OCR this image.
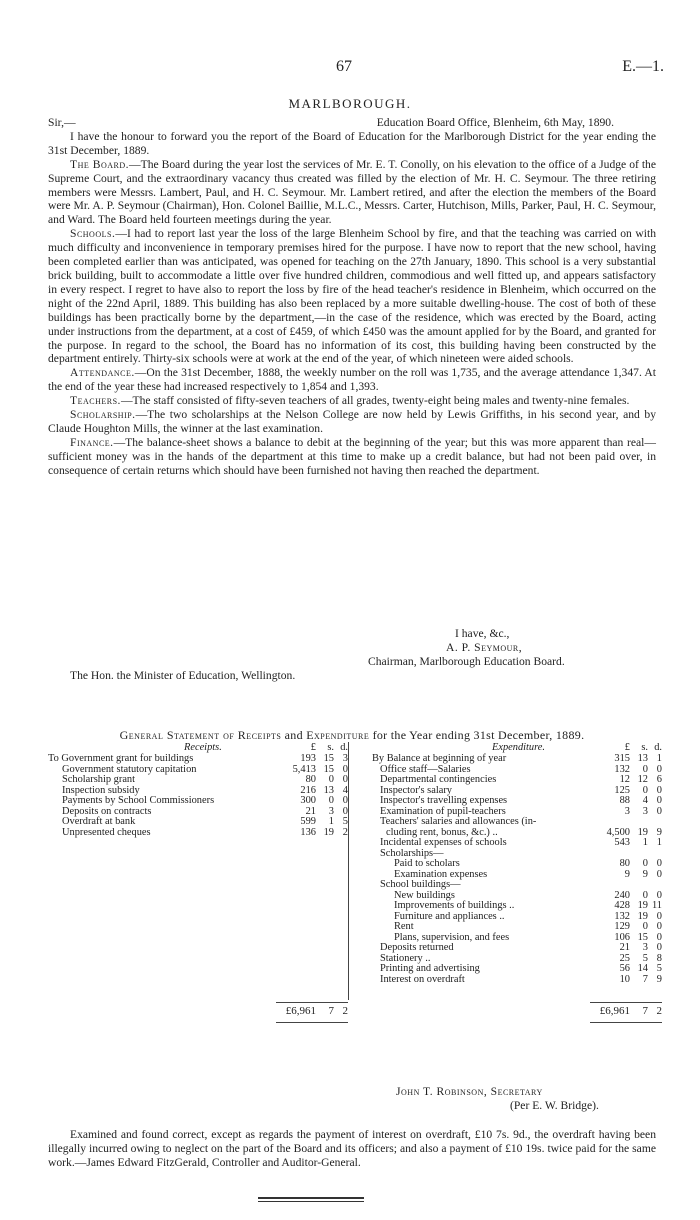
67	E.—1.
MARLBOROUGH.

Sir,—	Education Board Office, Blenheim, 6th May, 1890.

I have the honour to forward you the report of the Board of Education for the Marlborough District for the year ending the 31st December, 1889.

The Board.—The Board during the year lost the services of Mr. E. T. Conolly, on his elevation to the office of a Judge of the Supreme Court, and the extraordinary vacancy thus created was filled by the election of Mr. H. C. Seymour. The three retiring members were Messrs. Lambert, Paul, and H. C. Seymour. Mr. Lambert retired, and after the election the members of the Board were Mr. A. P. Seymour (Chairman), Hon. Colonel Baillie, M.L.C., Messrs. Carter, Hutchison, Mills, Parker, Paul, H. C. Seymour, and Ward. The Board held fourteen meetings during the year.

Schools.—I had to report last year the loss of the large Blenheim School by fire, and that the teaching was carried on with much difficulty and inconvenience in temporary premises hired for the purpose. I have now to report that the new school, having been completed earlier than was anticipated, was opened for teaching on the 27th January, 1890. This school is a very substantial brick building, built to accommodate a little over five hundred children, commodious and well fitted up, and appears satisfactory in every respect. I regret to have also to report the loss by fire of the head teacher's residence in Blenheim, which occurred on the night of the 22nd April, 1889. This building has also been replaced by a more suitable dwelling-house. The cost of both of these buildings has been practically borne by the department,—in the case of the residence, which was erected by the Board, acting under instructions from the department, at a cost of £459, of which £450 was the amount applied for by the Board, and granted for the purpose. In regard to the school, the Board has no information of its cost, this building having been constructed by the department entirely. Thirty-six schools were at work at the end of the year, of which nineteen were aided schools.

Attendance.—On the 31st December, 1888, the weekly number on the roll was 1,735, and the average attendance 1,347. At the end of the year these had increased respectively to 1,854 and 1,393.

Teachers.—The staff consisted of fifty-seven teachers of all grades, twenty-eight being males and twenty-nine females.

Scholarship.—The two scholarships at the Nelson College are now held by Lewis Griffiths, in his second year, and by Claude Houghton Mills, the winner at the last examination.

Finance.—The balance-sheet shows a balance to debit at the beginning of the year; but this was more apparent than real—sufficient money was in the hands of the department at this time to make up a credit balance, but had not been paid over, in consequence of certain returns which should have been furnished not having then reached the department.

I have, &c.,
A. P. Seymour,
Chairman, Marlborough Education Board.
The Hon. the Minister of Education, Wellington.
General Statement of Receipts and Expenditure for the Year ending 31st December, 1889.
Receipts.	£	s. d.
To Government grant for buildings	193 15 3
Government statutory capitation	5,413 15 0
Scholarship grant	80	0 0
Inspection subsidy	216 13 4
Payments by School Commissioners	300	0 0
Deposits on contracts	21	3 0
Overdraft at bank	599	1 5
Unpresented cheques	136 19 2
Expenditure.	£	s. d.
By Balance at beginning of year	315 13 1
Office staff—Salaries	132	0 0
Departmental contingencies	12 12 6
Inspector's salary	125	0 0
Inspector's travelling expenses	88	4 0
Examination of pupil-teachers	3	3 0
Teachers' salaries and allowances (in-
cluding rent, bonus, &c.) ..	4,500 19 9
Incidental expenses of schools	543	1 1
Scholarships—
Paid to scholars	80	0 0
Examination expenses	9	9 0
School buildings—
New buildings	240	0 0
Improvements of buildings ..	428 19 11
Furniture and appliances ..	132 19 0
Rent	129	0 0
Plans, supervision, and fees	106 15 0
Deposits returned	21	3 0
Stationery ..	25	5 8
Printing and advertising	56 14 5
Interest on overdraft	10	7 9
£6,961	7 2	£6,961	7 2
John T. Robinson, Secretary
(Per E. W. Bridge).

Examined and found correct, except as regards the payment of interest on overdraft, £10 7s. 9d., the overdraft having been illegally incurred owing to neglect on the part of the Board and its officers; and also a payment of £10 19s. twice paid for the same work.—James Edward FitzGerald, Controller and Auditor-General.
